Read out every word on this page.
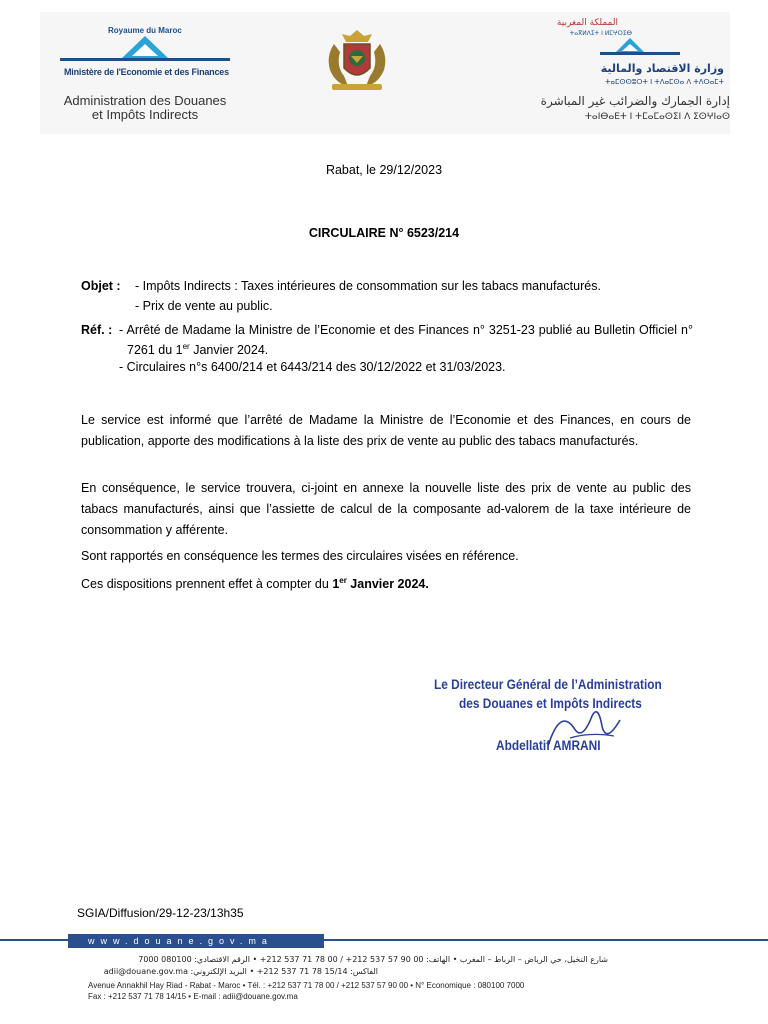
Royaume du Maroc
Ministère de l'Economie et des Finances
Administration des Douanes
et Impôts Indirects
المملكة المغربية
ⵜⴰⴳⵍⴷⵉⵜ ⵏ ⵍⵎⵖⵔⵉⴱ
وزارة الاقتصاد والمالية
ⵜⴰⵎⵙⵙⵓⵔⵜ ⵏ ⵜⴷⴰⵎⵙⴰ ⴷ ⵜⴷⵔⴰⵎⵜ
إدارة الجمارك والضرائب غير المباشرة
ⵜⴰⵏⴱⴰⴹⵜ ⵏ ⵜⵎⴰⵎⴰⵙⵉⵏ ⴷ ⵉⵙⵖⵏⴰⵙ
Rabat, le 29/12/2023
CIRCULAIRE N° 6523/214
Objet : - Impôts Indirects : Taxes intérieures de consommation sur les tabacs manufacturés.
- Prix de vente au public.
Réf. : - Arrêté de Madame la Ministre de l’Economie et des Finances n° 3251-23 publié au Bulletin Officiel n° 7261 du 1er Janvier 2024.
- Circulaires n°s 6400/214 et 6443/214 des 30/12/2022 et 31/03/2023.
Le service est informé que l’arrêté de Madame la Ministre de l’Economie et des Finances, en cours de publication, apporte des modifications à la liste des prix de vente au public des tabacs manufacturés.
En conséquence, le service trouvera, ci-joint en annexe la nouvelle liste des prix de vente au public des tabacs manufacturés, ainsi que l’assiette de calcul de la composante ad-valorem de la taxe intérieure de consommation y afférente.
Sont rapportés en conséquence les termes des circulaires visées en référence.
Ces dispositions prennent effet à compter du 1er Janvier 2024.
Le Directeur Général de l’Administration
des Douanes et Impôts Indirects
Abdellatif AMRANI
SGIA/Diffusion/29-12-23/13h35
www.douane.gov.ma
شارع النخيل، حي الرياض – الرباط – المغرب • الهاتف: 00 90 57 537 212+ / 00 78 71 537 212+ • الرقم الاقتصادي: 080100 7000
الفاكس: 15/14 78 71 537 212+ • البريد الإلكتروني: adii@douane.gov.ma
Avenue Annakhil Hay Riad - Rabat - Maroc • Tél. : +212 537 71 78 00 / +212 537 57 90 00 • N° Economique : 080100 7000
Fax : +212 537 71 78 14/15 • E-mail : adii@douane.gov.ma
